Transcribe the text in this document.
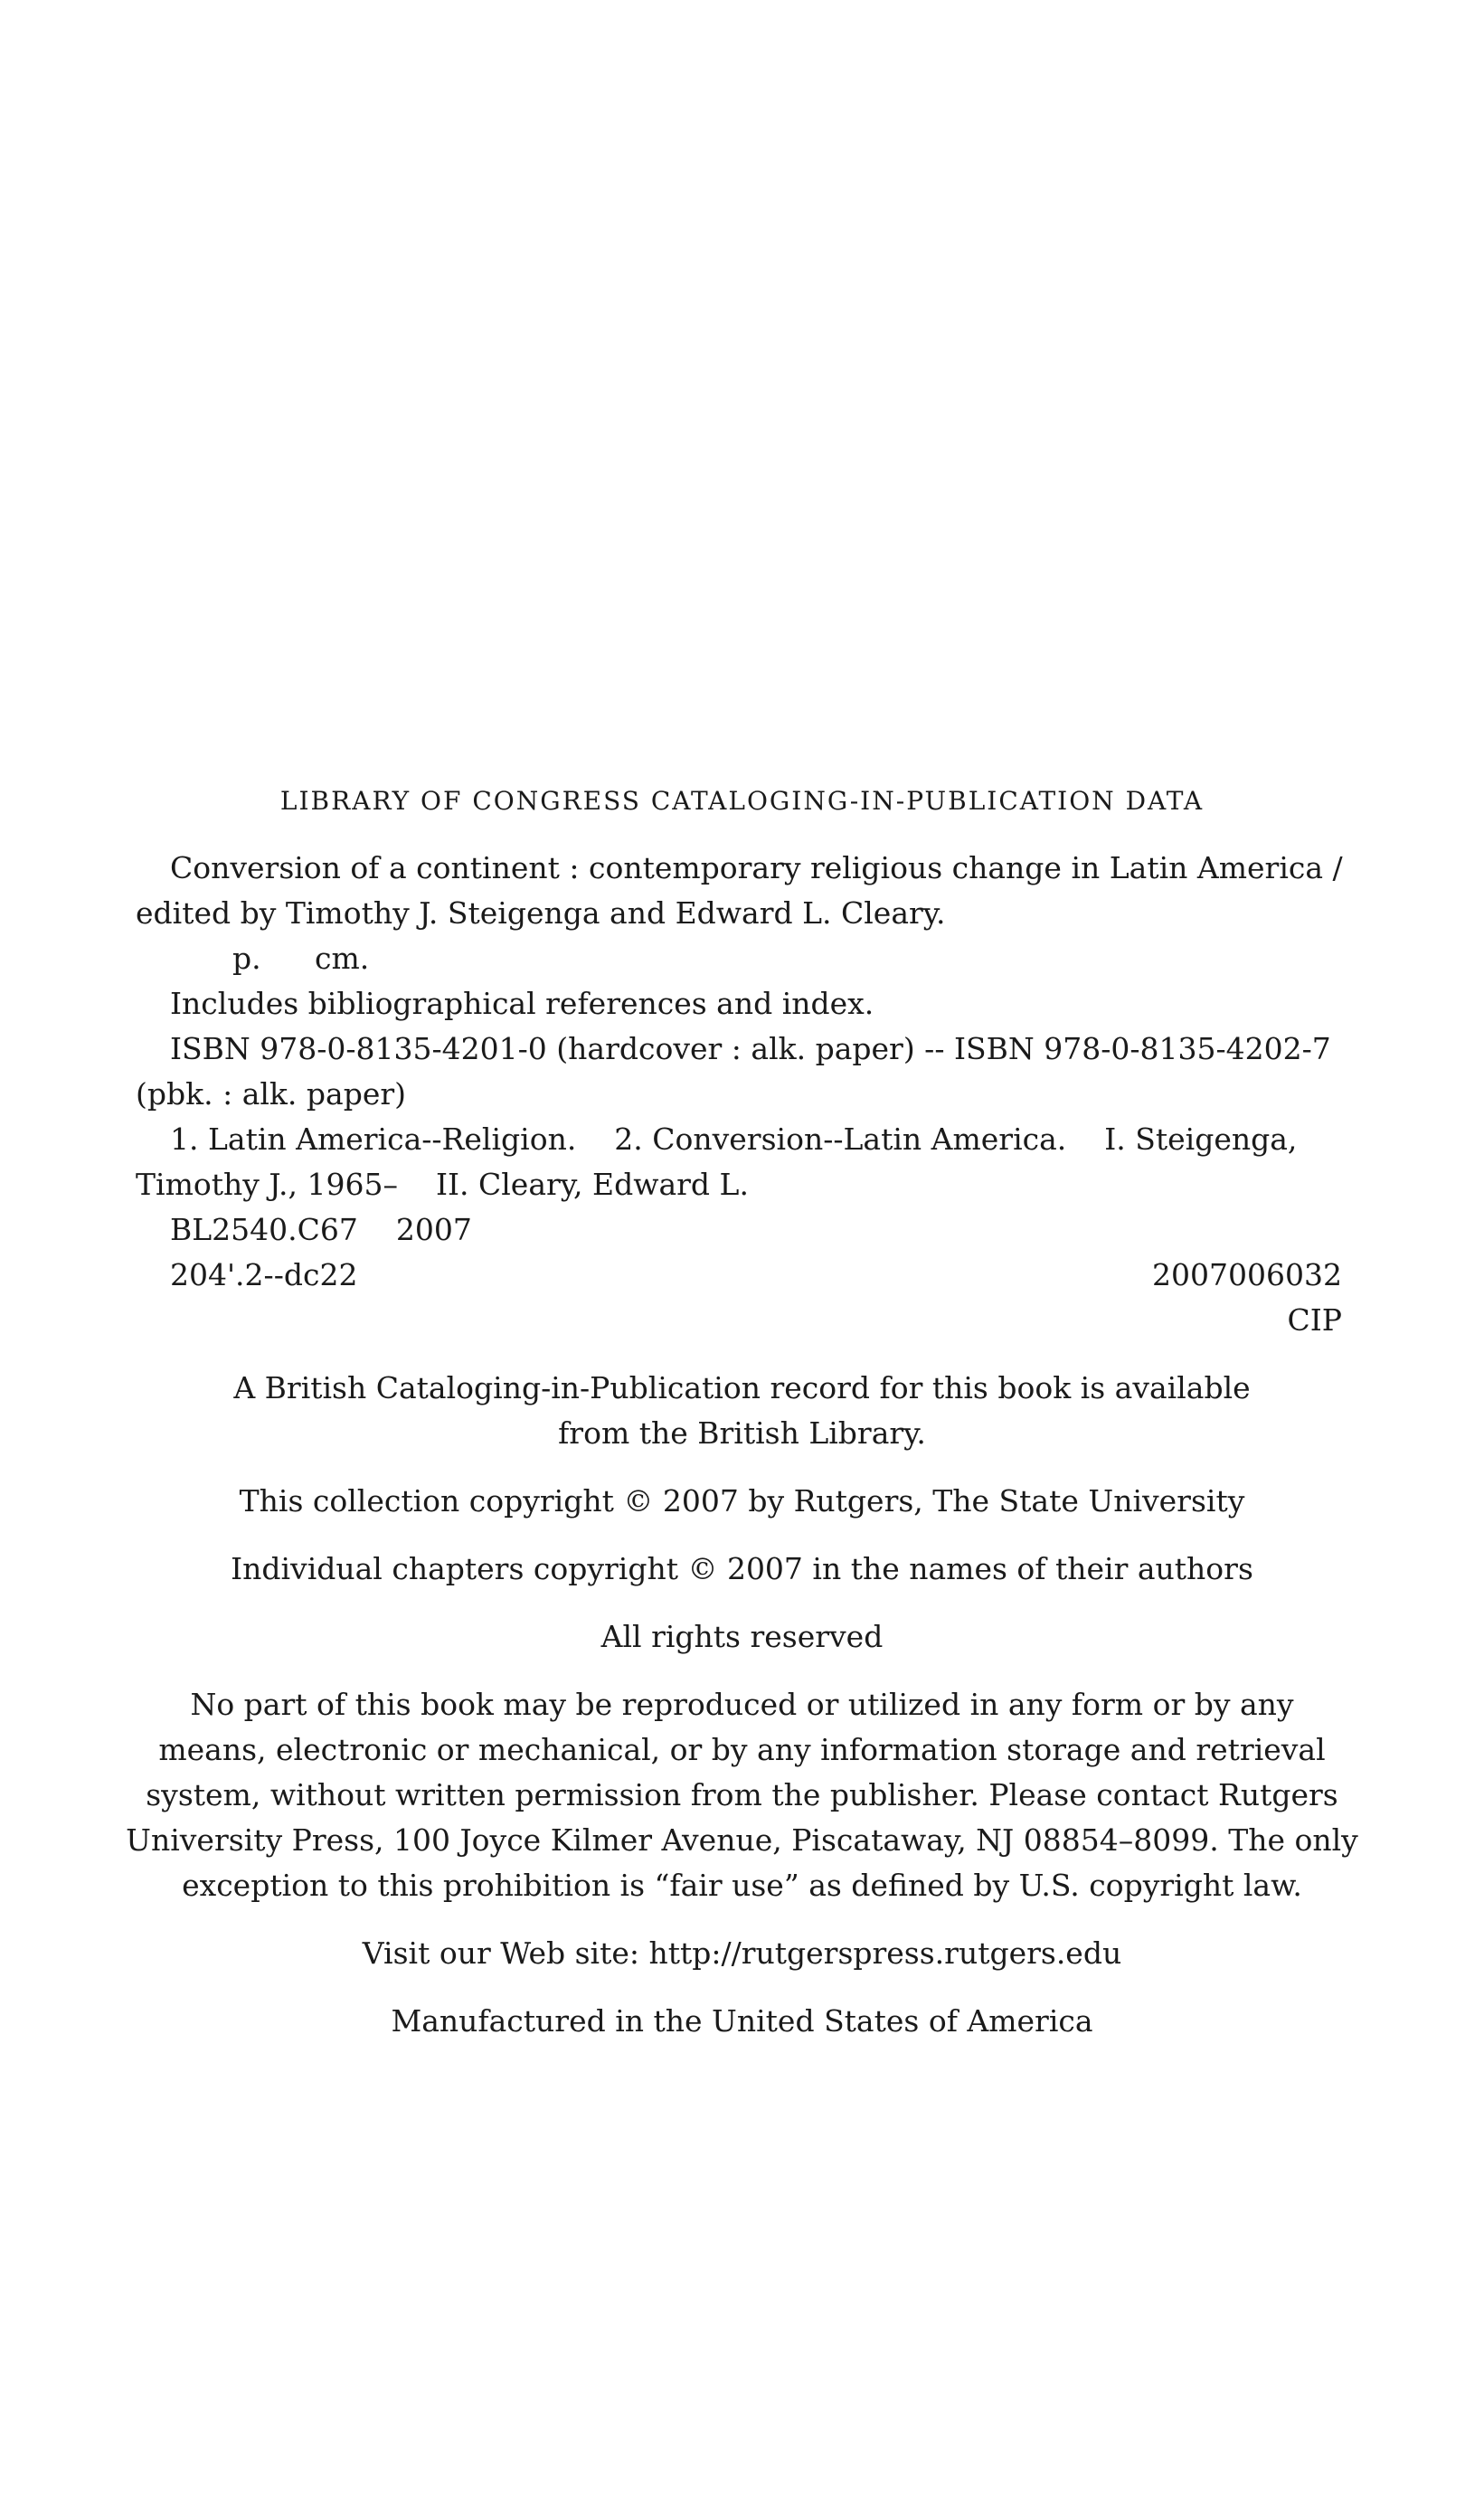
LIBRARY OF CONGRESS CATALOGING-IN-PUBLICATION DATA
Conversion of a continent : contemporary religious change in Latin America /
edited by Timothy J. Steigenga and Edward L. Cleary.
p. cm.
Includes bibliographical references and index.
ISBN 978-0-8135-4201-0 (hardcover : alk. paper) -- ISBN 978-0-8135-4202-7
(pbk. : alk. paper)
1. Latin America--Religion.    2. Conversion--Latin America.    I. Steigenga,
Timothy J., 1965–    II. Cleary, Edward L.
BL2540.C67    2007
204'.2--dc22	2007006032
CIP
A British Cataloging-in-Publication record for this book is available
from the British Library.
This collection copyright © 2007 by Rutgers, The State University
Individual chapters copyright © 2007 in the names of their authors
All rights reserved
No part of this book may be reproduced or utilized in any form or by any
means, electronic or mechanical, or by any information storage and retrieval
system, without written permission from the publisher. Please contact Rutgers
University Press, 100 Joyce Kilmer Avenue, Piscataway, NJ 08854–8099. The only
exception to this prohibition is “fair use” as defined by U.S. copyright law.
Visit our Web site: http://rutgerspress.rutgers.edu
Manufactured in the United States of America
